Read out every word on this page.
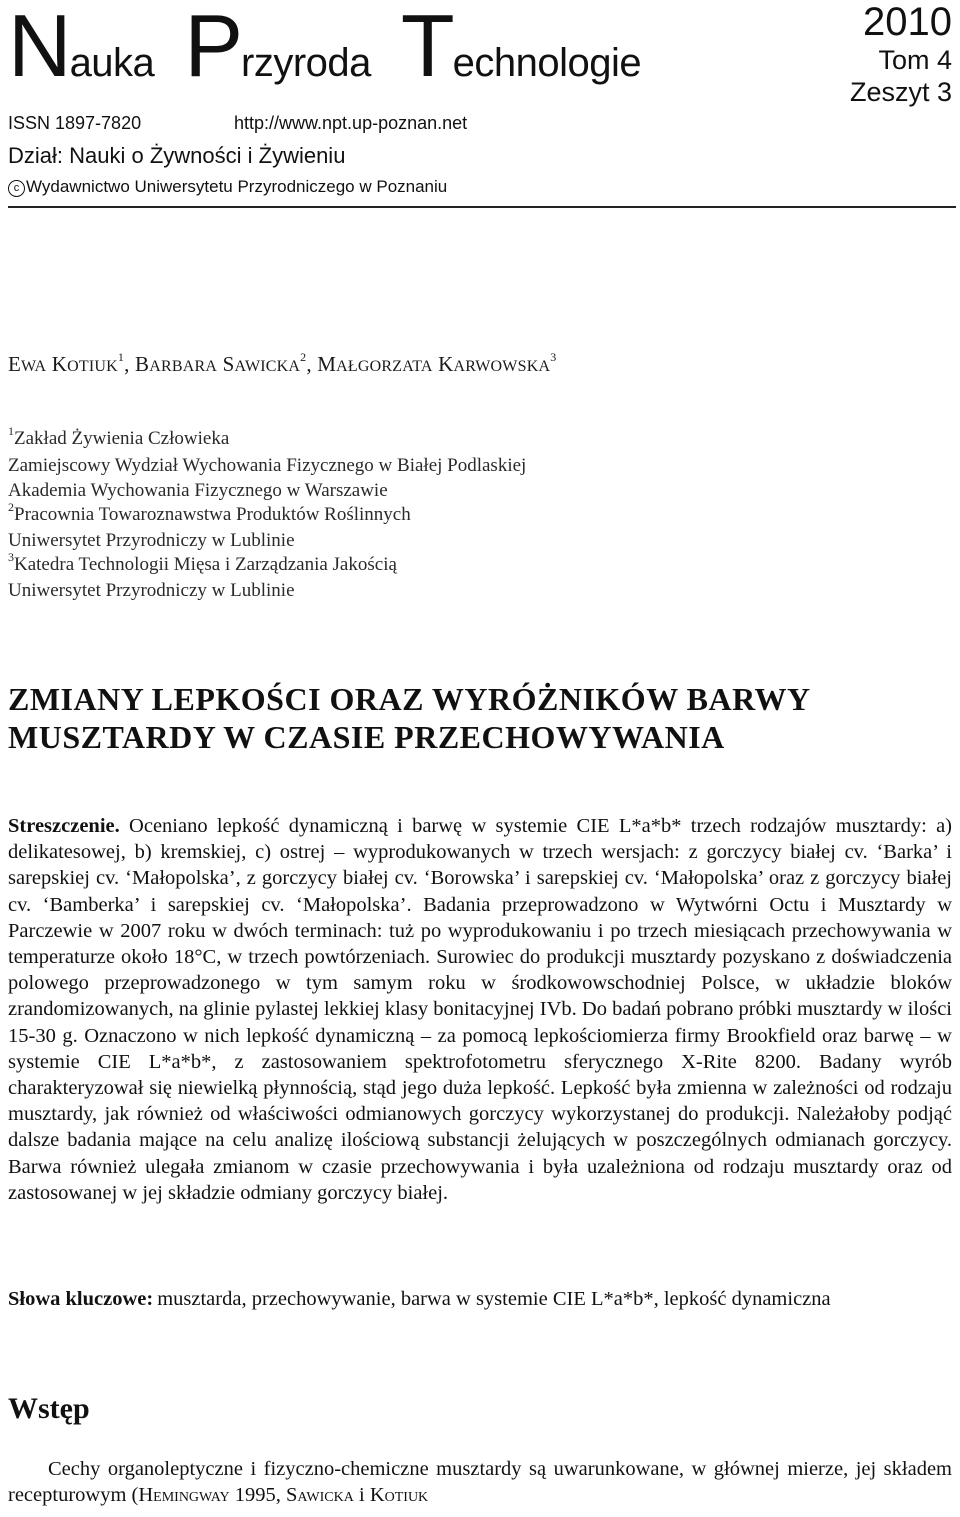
Nauka Przyroda Technologie
2010
Tom 4
Zeszyt 3
ISSN 1897-7820	http://www.npt.up-poznan.net
Dział: Nauki o Żywności i Żywieniu
c Wydawnictwo Uniwersytetu Przyrodniczego w Poznaniu
EWA KOTIUK$^1$, BARBARA SAWICKA$^2$, MAŁGORZATA KARWOWSKA$^3$
$^1$Zakład Żywienia Człowieka
Zamiejscowy Wydział Wychowania Fizycznego w Białej Podlaskiej
Akademia Wychowania Fizycznego w Warszawie
$^2$Pracownia Towaroznawstwa Produktów Roślinnych
Uniwersytet Przyrodniczy w Lublinie
$^3$Katedra Technologii Mięsa i Zarządzania Jakością
Uniwersytet Przyrodniczy w Lublinie
ZMIANY LEPKOŚCI ORAZ WYRÓŻNIKÓW BARWY
MUSZTARDY W CZASIE PRZECHOWYWANIA
Streszczenie. Oceniano lepkość dynamiczną i barwę w systemie CIE L*a*b* trzech rodzajów musztardy: a) delikatesowej, b) kremskiej, c) ostrej – wyprodukowanych w trzech wersjach: z gorczycy białej cv. ‘Barka’ i sarepskiej cv. ‘Małopolska’, z gorczycy białej cv. ‘Borowska’ i sarepskiej cv. ‘Małopolska’ oraz z gorczycy białej cv. ‘Bamberka’ i sarepskiej cv. ‘Małopolska’. Badania przeprowadzono w Wytwórni Octu i Musztardy w Parczewie w 2007 roku w dwóch terminach: tuż po wyprodukowaniu i po trzech miesiącach przechowywania w temperaturze około 18°C, w trzech powtórzeniach. Surowiec do produkcji musztardy pozyskano z doświadczenia polowego przeprowadzonego w tym samym roku w środkowowschodniej Polsce, w układzie bloków zrandomizowanych, na glinie pylastej lekkiej klasy bonitacyjnej IVb. Do badań pobrano próbki musztardy w ilości 15-30 g. Oznaczono w nich lepkość dynamiczną – za pomocą lepkościomierza firmy Brookfield oraz barwę – w systemie CIE L*a*b*, z zastosowaniem spektrofotometru sferycznego X-Rite 8200. Badany wyrób charakteryzował się niewielką płynnością, stąd jego duża lepkość. Lepkość była zmienna w zależności od rodzaju musztardy, jak również od właściwości odmianowych gorczycy wykorzystanej do produkcji. Należałoby podjąć dalsze badania mające na celu analizę ilościową substancji żelujących w poszczególnych odmianach gorczycy. Barwa również ulegała zmianom w czasie przechowywania i była uzależniona od rodzaju musztardy oraz od zastosowanej w jej składzie odmiany gorczycy białej.
Słowa kluczowe: musztarda, przechowywanie, barwa w systemie CIE L*a*b*, lepkość dynamiczna
Wstęp
Cechy organoleptyczne i fizyczno-chemiczne musztardy są uwarunkowane, w głównej mierze, jej składem recepturowym (Hemingway 1995, Sawicka i Kotiuk
